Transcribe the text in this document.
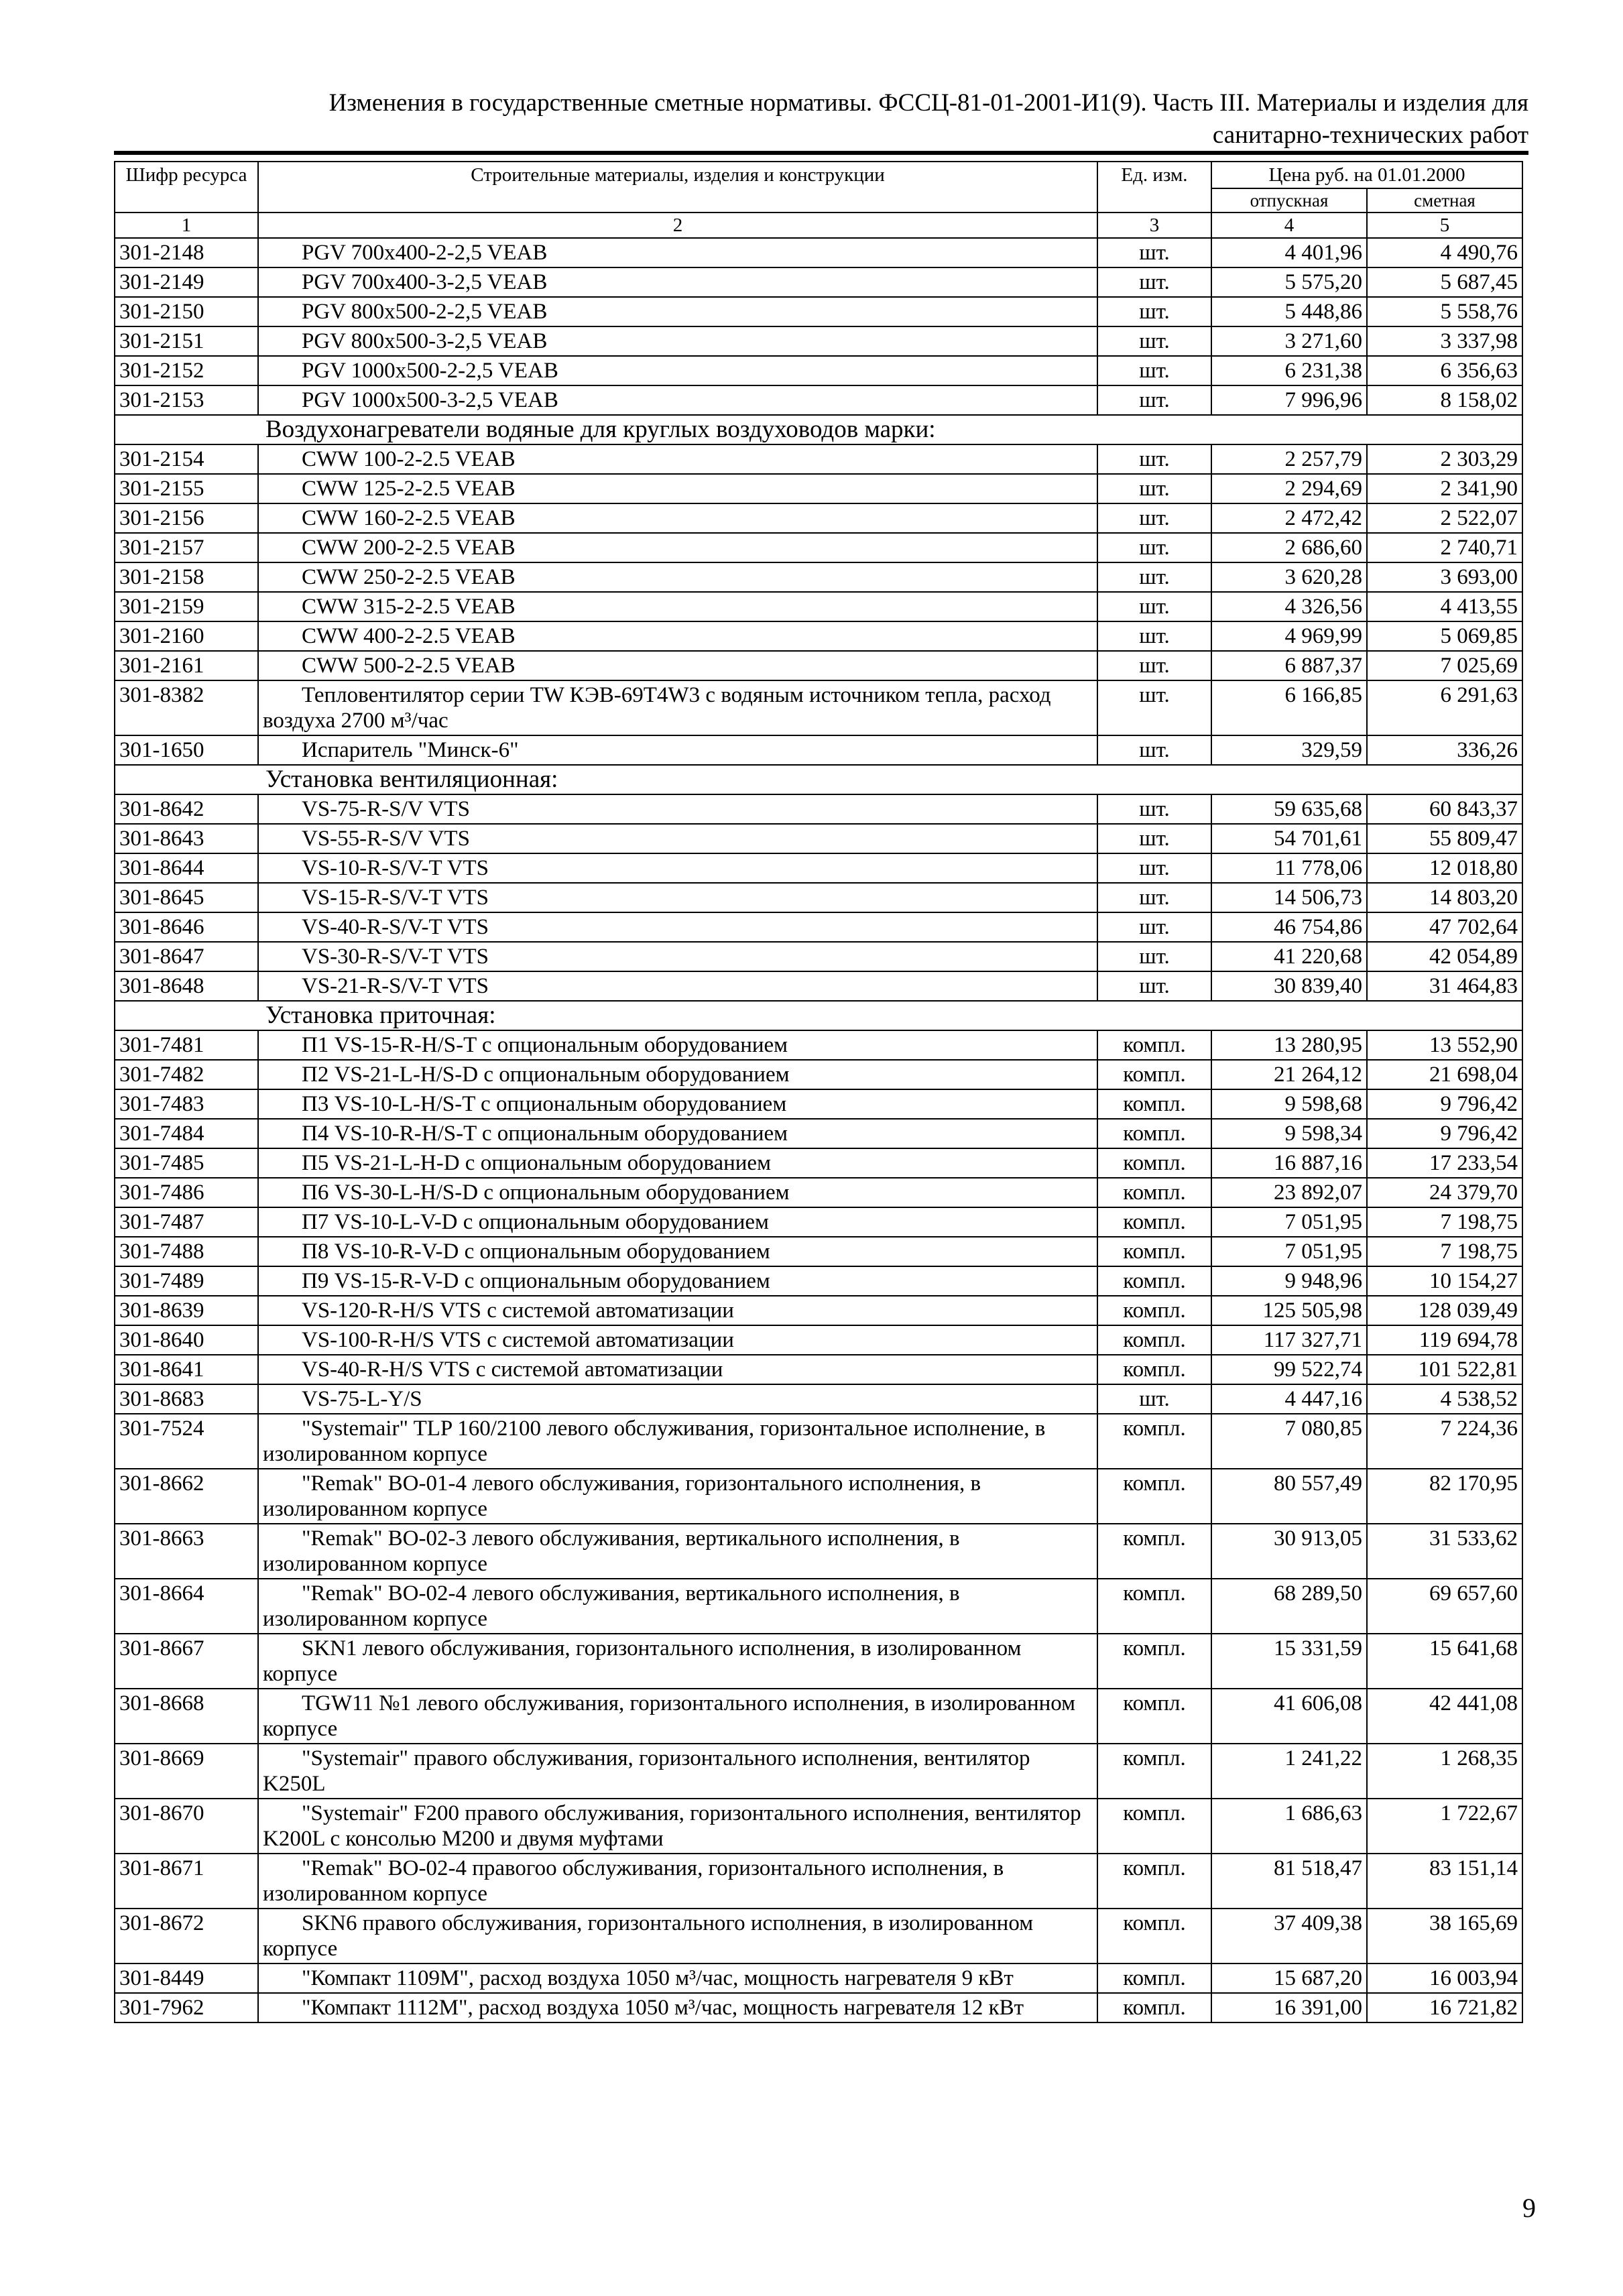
Изменения в государственные сметные нормативы. ФССЦ-81-01-2001-И1(9). Часть III. Материалы и изделия для
санитарно-технических работ
Шифр ресурса	Строительные материалы, изделия и конструкции	Ед. изм.	Цена руб. на 01.01.2000	
			отпускная	сметная
1	2	3	4	5
301-2148	PGV 700x400-2-2,5 VEAB	шт.	4 401,96	4 490,76
301-2149	PGV 700x400-3-2,5 VEAB	шт.	5 575,20	5 687,45
301-2150	PGV 800x500-2-2,5 VEAB	шт.	5 448,86	5 558,76
301-2151	PGV 800x500-3-2,5 VEAB	шт.	3 271,60	3 337,98
301-2152	PGV 1000x500-2-2,5 VEAB	шт.	6 231,38	6 356,63
301-2153	PGV 1000x500-3-2,5 VEAB	шт.	7 996,96	8 158,02
Воздухонагреватели водяные для круглых воздуховодов марки:				
301-2154	CWW 100-2-2.5 VEAB	шт.	2 257,79	2 303,29
301-2155	CWW 125-2-2.5 VEAB	шт.	2 294,69	2 341,90
301-2156	CWW 160-2-2.5 VEAB	шт.	2 472,42	2 522,07
301-2157	CWW 200-2-2.5 VEAB	шт.	2 686,60	2 740,71
301-2158	CWW 250-2-2.5 VEAB	шт.	3 620,28	3 693,00
301-2159	CWW 315-2-2.5 VEAB	шт.	4 326,56	4 413,55
301-2160	CWW 400-2-2.5 VEAB	шт.	4 969,99	5 069,85
301-2161	CWW 500-2-2.5 VEAB	шт.	6 887,37	7 025,69
301-8382	Тепловентилятор серии TW КЭВ-69Т4W3 с водяным источником тепла, расход воздуха 2700 м³/час	шт.	6 166,85	6 291,63
301-1650	Испаритель "Минск-6"	шт.	329,59	336,26
Установка вентиляционная:				
301-8642	VS-75-R-S/V VTS	шт.	59 635,68	60 843,37
301-8643	VS-55-R-S/V VTS	шт.	54 701,61	55 809,47
301-8644	VS-10-R-S/V-T VTS	шт.	11 778,06	12 018,80
301-8645	VS-15-R-S/V-T VTS	шт.	14 506,73	14 803,20
301-8646	VS-40-R-S/V-T VTS	шт.	46 754,86	47 702,64
301-8647	VS-30-R-S/V-T VTS	шт.	41 220,68	42 054,89
301-8648	VS-21-R-S/V-T VTS	шт.	30 839,40	31 464,83
Установка приточная:				
301-7481	П1 VS-15-R-H/S-T с опциональным оборудованием	компл.	13 280,95	13 552,90
301-7482	П2 VS-21-L-H/S-D с опциональным оборудованием	компл.	21 264,12	21 698,04
301-7483	П3 VS-10-L-H/S-T с опциональным оборудованием	компл.	9 598,68	9 796,42
301-7484	П4 VS-10-R-H/S-T с опциональным оборудованием	компл.	9 598,34	9 796,42
301-7485	П5 VS-21-L-H-D с опциональным оборудованием	компл.	16 887,16	17 233,54
301-7486	П6 VS-30-L-H/S-D с опциональным оборудованием	компл.	23 892,07	24 379,70
301-7487	П7 VS-10-L-V-D с опциональным оборудованием	компл.	7 051,95	7 198,75
301-7488	П8 VS-10-R-V-D с опциональным оборудованием	компл.	7 051,95	7 198,75
301-7489	П9 VS-15-R-V-D с опциональным оборудованием	компл.	9 948,96	10 154,27
301-8639	VS-120-R-H/S VTS с системой автоматизации	компл.	125 505,98	128 039,49
301-8640	VS-100-R-H/S VTS с системой автоматизации	компл.	117 327,71	119 694,78
301-8641	VS-40-R-H/S VTS с системой автоматизации	компл.	99 522,74	101 522,81
301-8683	VS-75-L-Y/S	шт.	4 447,16	4 538,52
301-7524	"Systemair" TLP 160/2100 левого обслуживания, горизонтальное исполнение, в изолированном корпусе	компл.	7 080,85	7 224,36
301-8662	"Remak" BO-01-4 левого обслуживания, горизонтального исполнения, в изолированном корпусе	компл.	80 557,49	82 170,95
301-8663	"Remak" BO-02-3 левого обслуживания, вертикального исполнения, в изолированном корпусе	компл.	30 913,05	31 533,62
301-8664	"Remak" BO-02-4 левого обслуживания, вертикального исполнения, в изолированном корпусе	компл.	68 289,50	69 657,60
301-8667	SKN1 левого обслуживания, горизонтального исполнения, в изолированном корпусе	компл.	15 331,59	15 641,68
301-8668	TGW11 №1 левого обслуживания, горизонтального исполнения, в изолированном корпусе	компл.	41 606,08	42 441,08
301-8669	"Systemair" правого обслуживания, горизонтального исполнения, вентилятор K250L	компл.	1 241,22	1 268,35
301-8670	"Systemair" F200 правого обслуживания, горизонтального исполнения, вентилятор K200L с консолью M200 и двумя муфтами	компл.	1 686,63	1 722,67
301-8671	"Remak" BO-02-4 правогоо обслуживания, горизонтального исполнения, в изолированном корпусе	компл.	81 518,47	83 151,14
301-8672	SKN6 правого обслуживания, горизонтального исполнения, в изолированном корпусе	компл.	37 409,38	38 165,69
301-8449	"Компакт 1109М", расход воздуха 1050 м³/час, мощность нагревателя 9 кВт	компл.	15 687,20	16 003,94
301-7962	"Компакт 1112М", расход воздуха 1050 м³/час, мощность нагревателя 12 кВт	компл.	16 391,00	16 721,82
9
